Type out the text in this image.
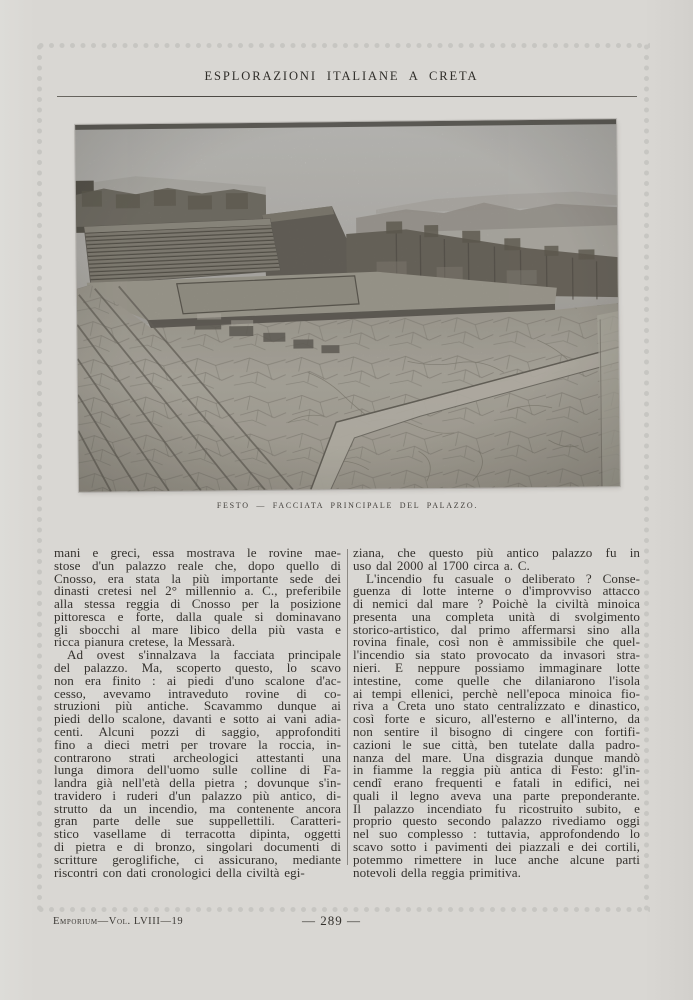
ESPLORAZIONI ITALIANE A CRETA
FESTO — FACCIATA PRINCIPALE DEL PALAZZO.
mani e greci, essa mostrava le rovine mae-
stose d'un palazzo reale che, dopo quello di
Cnosso, era stata la più importante sede dei
dinasti cretesi nel 2° millennio a. C., preferibile
alla stessa reggia di Cnosso per la posizione
pittoresca e forte, dalla quale si dominavano
gli sbocchi al mare libico della più vasta e
ricca pianura cretese, la Messarà.
Ad ovest s'innalzava la facciata principale
del palazzo. Ma, scoperto questo, lo scavo
non era finito : ai piedi d'uno scalone d'ac-
cesso, avevamo intraveduto rovine di co-
struzioni più antiche. Scavammo dunque ai
piedi dello scalone, davanti e sotto ai vani adia-
centi. Alcuni pozzi di saggio, approfonditi
fino a dieci metri per trovare la roccia, in-
contrarono strati archeologici attestanti una
lunga dimora dell'uomo sulle colline di Fa-
landra già nell'età della pietra ; dovunque s'in-
travidero i ruderi d'un palazzo più antico, di-
strutto da un incendio, ma contenente ancora
gran parte delle sue suppellettili. Caratteri-
stico vasellame di terracotta dipinta, oggetti
di pietra e di bronzo, singolari documenti di
scritture geroglifiche, ci assicurano, mediante
riscontri con dati cronologici della civiltà egi-
ziana, che questo più antico palazzo fu in
uso dal 2000 al 1700 circa a. C.
L'incendio fu casuale o deliberato ? Conse-
guenza di lotte interne o d'improvviso attacco
di nemici dal mare ? Poichè la civiltà minoica
presenta una completa unità di svolgimento
storico-artistico, dal primo affermarsi sino alla
rovina finale, così non è ammissibile che quel-
l'incendio sia stato provocato da invasori stra-
nieri. E neppure possiamo immaginare lotte
intestine, come quelle che dilaniarono l'isola
ai tempi ellenici, perchè nell'epoca minoica fio-
riva a Creta uno stato centralizzato e dinastico,
così forte e sicuro, all'esterno e all'interno, da
non sentire il bisogno di cingere con fortifi-
cazioni le sue città, ben tutelate dalla padro-
nanza del mare. Una disgrazia dunque mandò
in fiamme la reggia più antica di Festo: gl'in-
cendî erano frequenti e fatali in edifici, nei
quali il legno aveva una parte preponderante.
Il palazzo incendiato fu ricostruito subito, e
proprio questo secondo palazzo rivediamo oggi
nel suo complesso : tuttavia, approfondendo lo
scavo sotto i pavimenti dei piazzali e dei cortili,
potemmo rimettere in luce anche alcune parti
notevoli della reggia primitiva.
Emporium—Vol. LVIII—19	— 289 —
